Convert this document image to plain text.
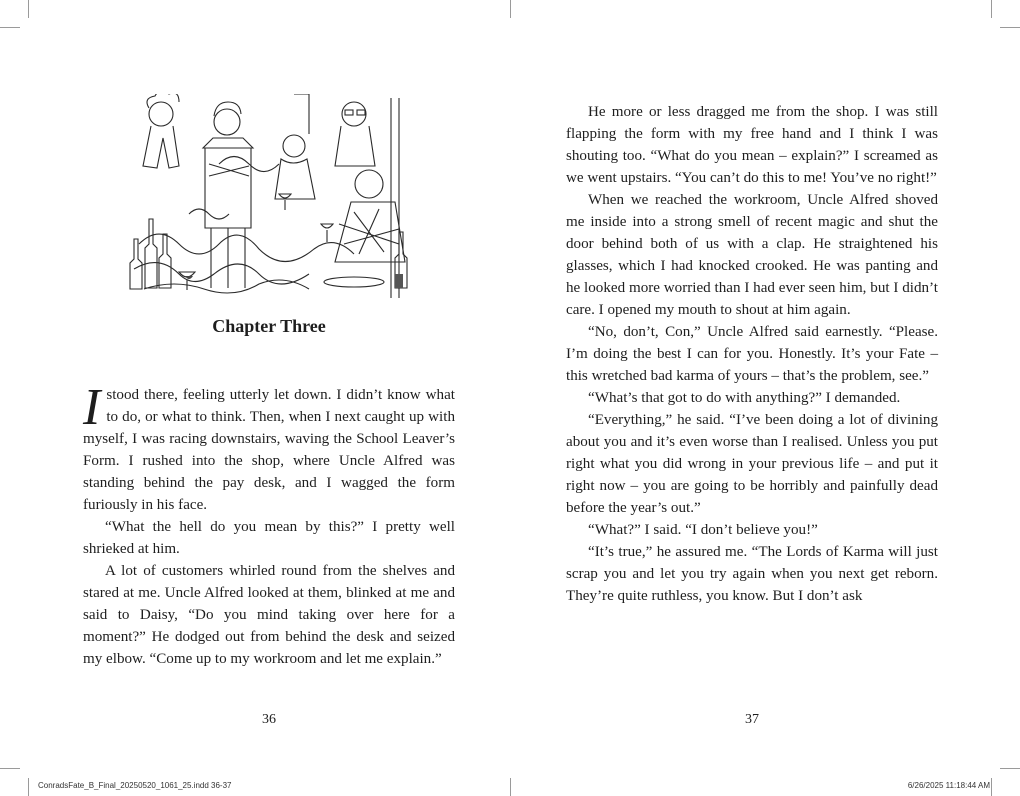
Chapter Three

I stood there, feeling utterly let down. I didn’t know what to do, or what to think. Then, when I next caught up with myself, I was racing downstairs, waving the School Leaver’s Form. I rushed into the shop, where Uncle Alfred was standing behind the pay desk, and I wagged the form furiously in his face.

“What the hell do you mean by this?” I pretty well shrieked at him.

A lot of customers whirled round from the shelves and stared at me. Uncle Alfred looked at them, blinked at me and said to Daisy, “Do you mind taking over here for a moment?” He dodged out from behind the desk and seized my elbow. “Come up to my workroom and let me explain.”

36

He more or less dragged me from the shop. I was still flapping the form with my free hand and I think I was shouting too. “What do you mean – explain?” I screamed as we went upstairs. “You can’t do this to me! You’ve no right!”

When we reached the workroom, Uncle Alfred shoved me inside into a strong smell of recent magic and shut the door behind both of us with a clap. He straightened his glasses, which I had knocked crooked. He was panting and he looked more worried than I had ever seen him, but I didn’t care. I opened my mouth to shout at him again.

“No, don’t, Con,” Uncle Alfred said earnestly. “Please. I’m doing the best I can for you. Honestly. It’s your Fate – this wretched bad karma of yours – that’s the problem, see.”

“What’s that got to do with anything?” I demanded.

“Everything,” he said. “I’ve been doing a lot of divining about you and it’s even worse than I realised. Unless you put right what you did wrong in your previous life – and put it right now – you are going to be horribly and painfully dead before the year’s out.”

“What?” I said. “I don’t believe you!”

“It’s true,” he assured me. “The Lords of Karma will just scrap you and let you try again when you next get reborn. They’re quite ruthless, you know. But I don’t ask

37
ConradsFate_B_Final_20250520_1061_25.indd 36-37	6/26/2025 11:18:44 AM
